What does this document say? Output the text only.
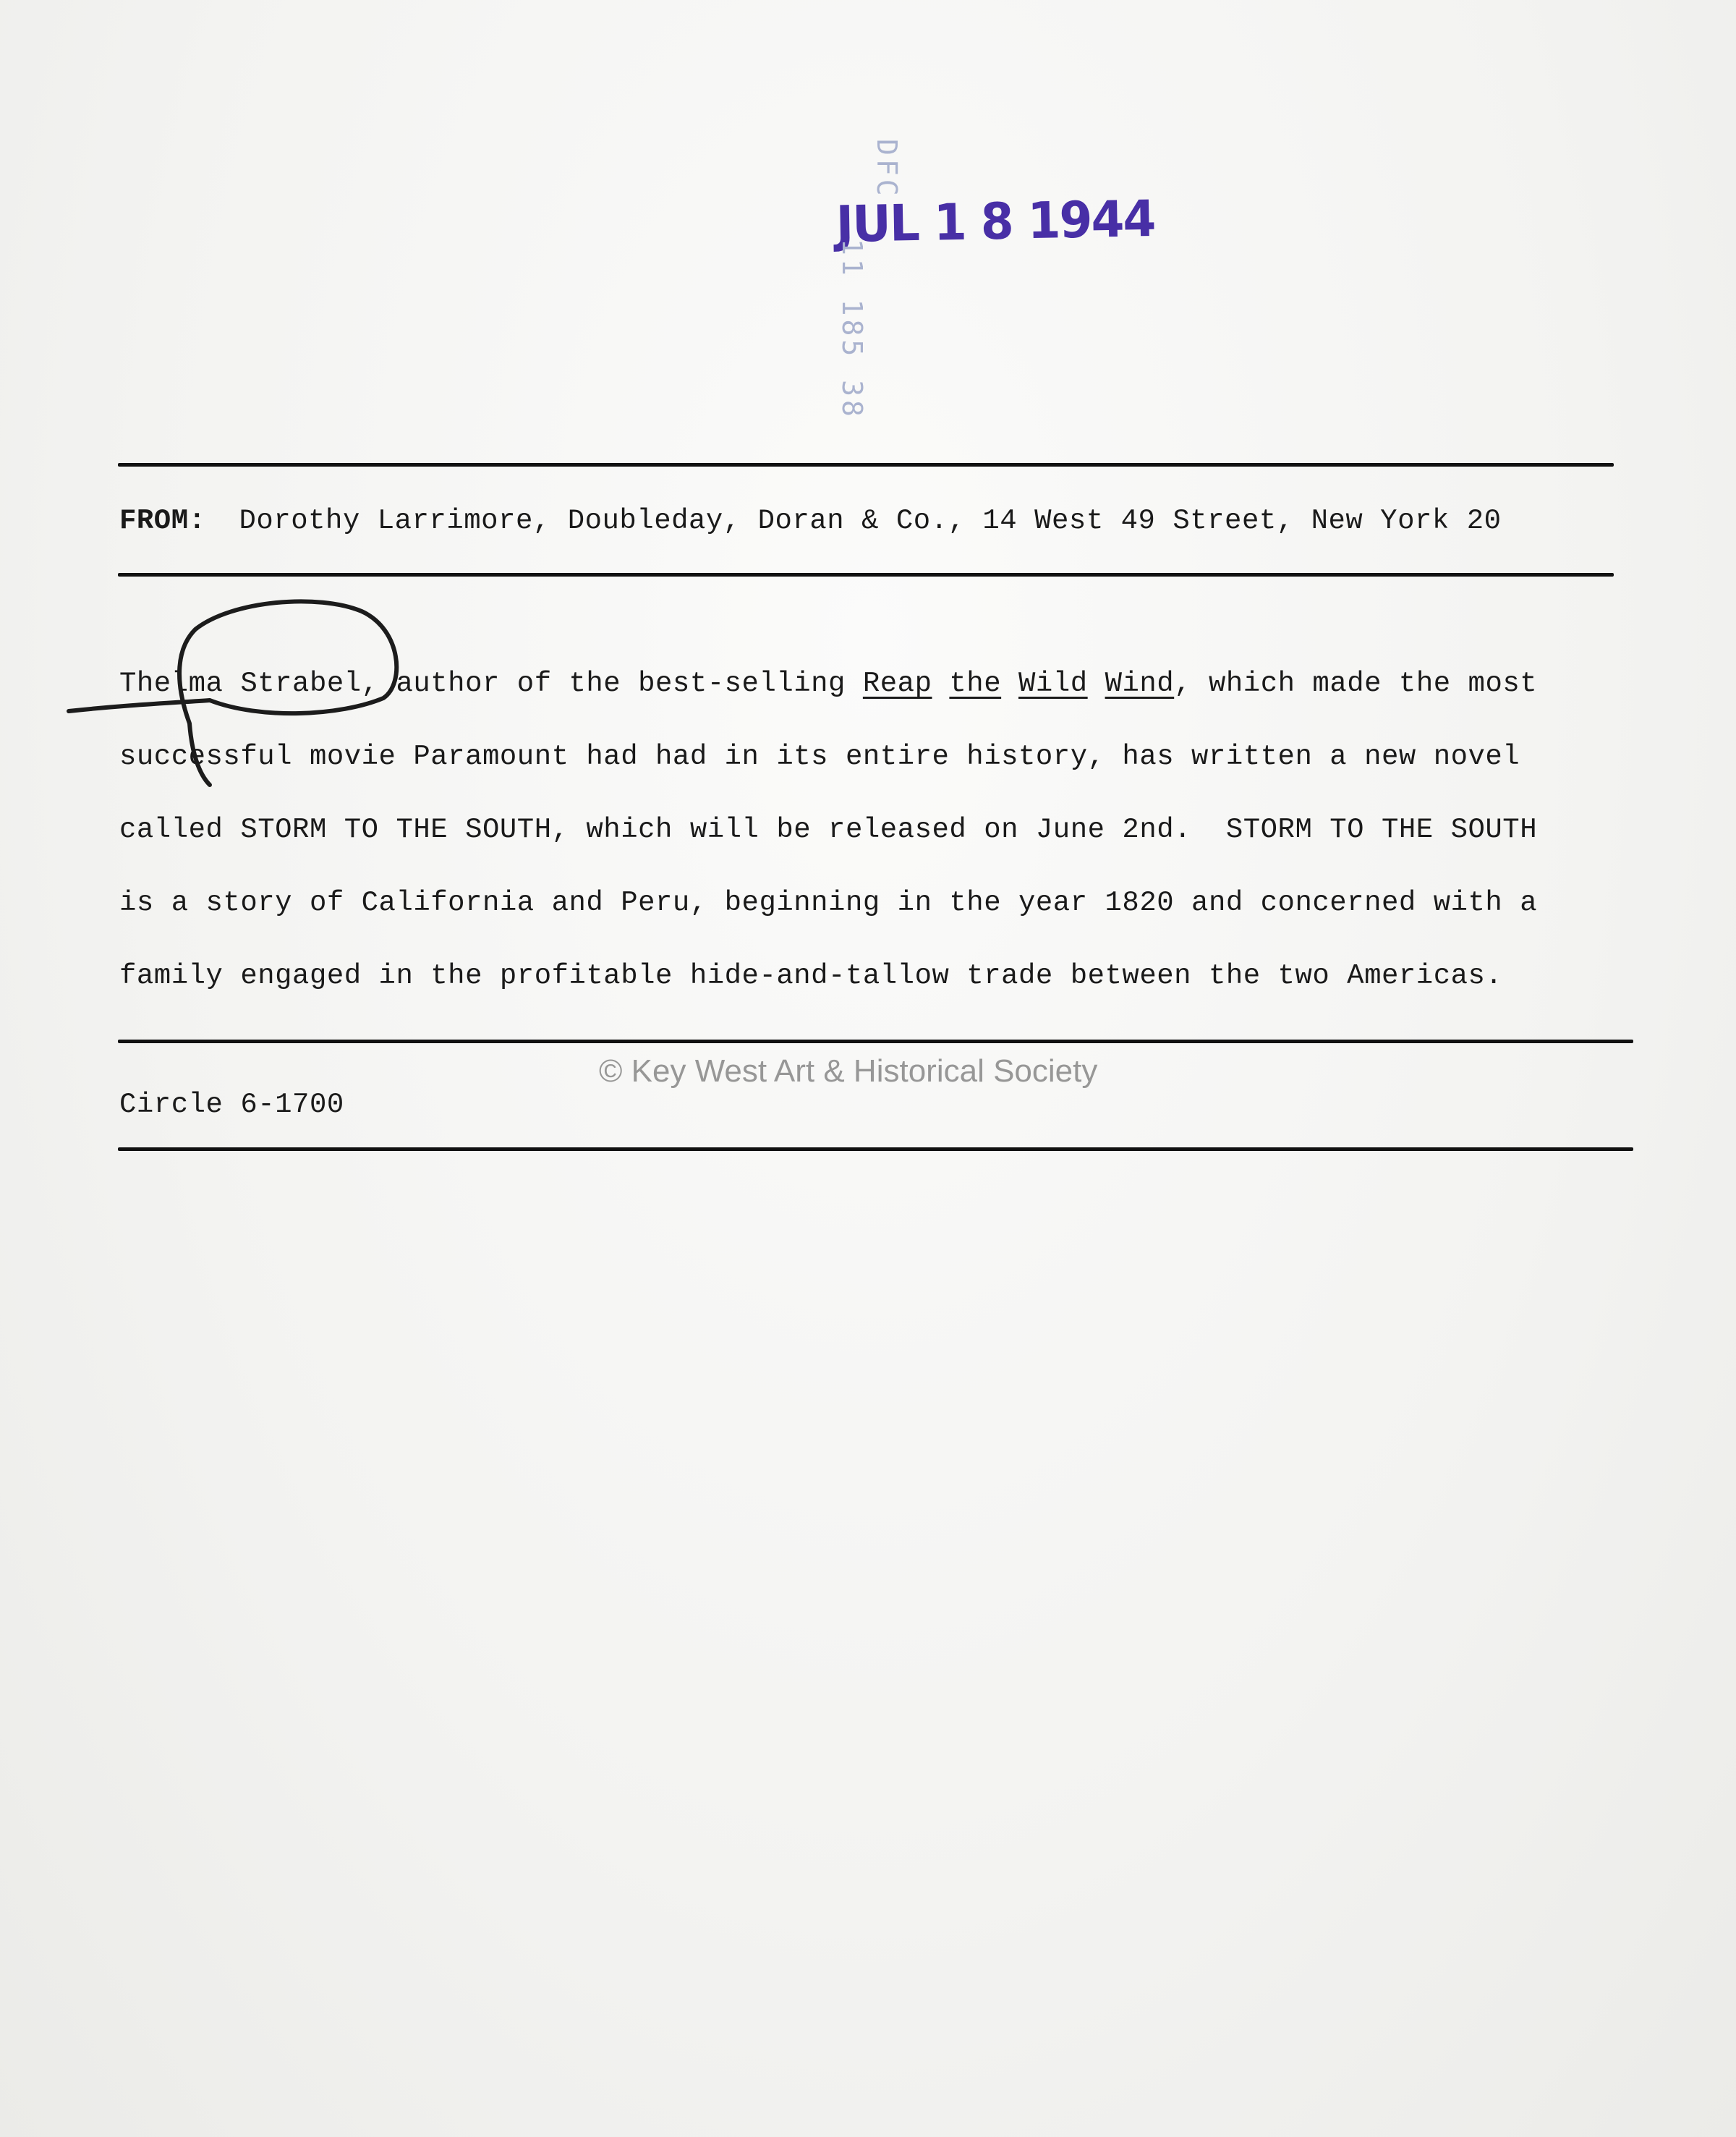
DFC
JUL 1 8 1944
11 185 38
FROM: Dorothy Larrimore, Doubleday, Doran & Co., 14 West 49 Street, New York 20
Thelma Strabel, author of the best-selling Reap the Wild Wind, which made the most
successful movie Paramount had had in its entire history, has written a new novel
called STORM TO THE SOUTH, which will be released on June 2nd.  STORM TO THE SOUTH
is a story of California and Peru, beginning in the year 1820 and concerned with a
family engaged in the profitable hide-and-tallow trade between the two Americas.
© Key West Art & Historical Society
Circle 6-1700
